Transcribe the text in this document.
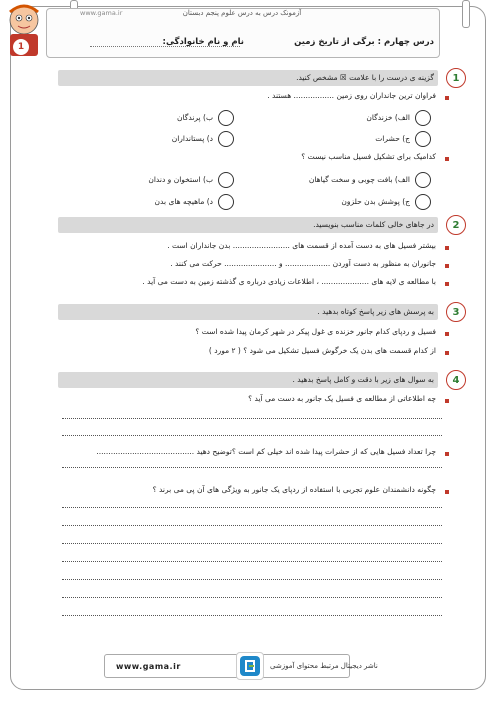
آزمونک درس به درس علوم پنجم دبستان
www.gama.ir
درس چهارم : برگی از تاریخ زمین
نام و نام خانوادگی:
1
گزینه ی درست را با علامت ☒ مشخص کنید.	1
فراوان ترین جانداران روی زمین ................. هستند .
الف) خزندگان
ب) پرندگان
ج) حشرات
د) پستانداران
کدامیک برای تشکیل فسیل مناسب نیست ؟
الف) بافت چوبی و سخت گیاهان
ب) استخوان و دندان
ج) پوشش بدن حلزون
د) ماهیچه های بدن
در جاهای خالی کلمات مناسب بنویسید.	2
بیشتر فسیل های به دست آمده از قسمت های ........................ بدن جانداران است .
جانوران به منظور به دست آوردن ................... و ...................... حرکت می کنند .
با مطالعه ی لایه های .................... ، اطلاعات زیادی درباره ی گذشته زمین به دست می آید .
به پرسش های زیر پاسخ کوتاه بدهید .	3
فسیل و ردپای کدام جانور خزنده ی غول پیکر در شهر کرمان پیدا شده است ؟
از کدام قسمت های بدن یک خرگوش فسیل تشکیل می شود ؟ ( ۲ مورد )
به سوال های زیر با دقت و کامل پاسخ بدهید .	4
چه اطلاعاتی از مطالعه ی فسیل یک جانور به دست می آید ؟
چرا تعداد فسیل هایی که از حشرات پیدا شده اند خیلی کم است ؟توضیح دهید .........................................
چگونه دانشمندان علوم تجربی با استفاده از ردپای یک جانور به ویژگی های آن پی می برند ؟
www.gama.ir	ناشر دیجیتال مرتبط محتوای آموزشی
